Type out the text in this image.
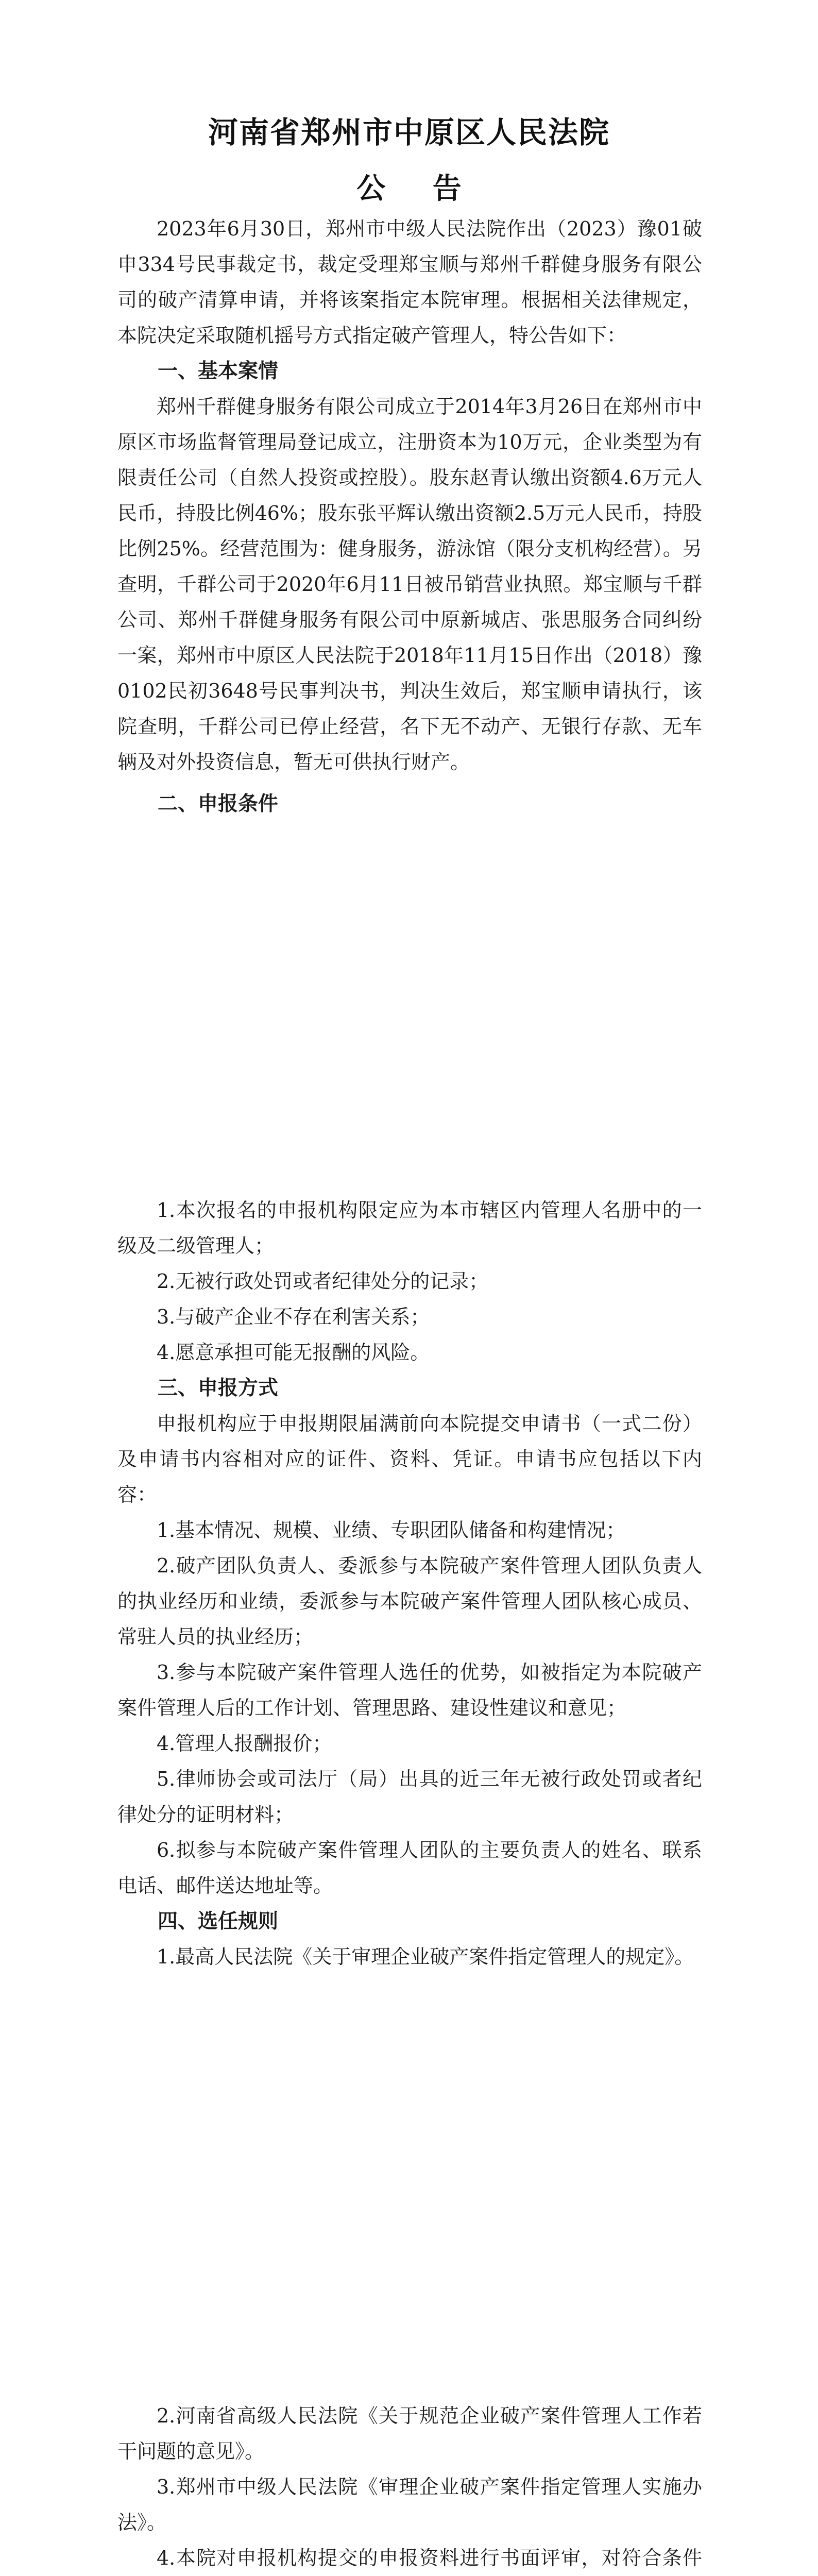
河南省郑州市中原区人民法院
公 告

2023年6月30日，郑州市中级人民法院作出（2023）豫01破申334号民事裁定书，裁定受理郑宝顺与郑州千群健身服务有限公司的破产清算申请，并将该案指定本院审理。根据相关法律规定，本院决定采取随机摇号方式指定破产管理人，特公告如下：

一、基本案情

郑州千群健身服务有限公司成立于2014年3月26日在郑州市中原区市场监督管理局登记成立，注册资本为10万元，企业类型为有限责任公司（自然人投资或控股）。股东赵青认缴出资额4.6万元人民币，持股比例46%；股东张平辉认缴出资额2.5万元人民币，持股比例25%。经营范围为：健身服务，游泳馆（限分支机构经营）。另查明，千群公司于2020年6月11日被吊销营业执照。郑宝顺与千群公司、郑州千群健身服务有限公司中原新城店、张思服务合同纠纷一案，郑州市中原区人民法院于2018年11月15日作出（2018）豫0102民初3648号民事判决书，判决生效后，郑宝顺申请执行，该院查明，千群公司已停止经营，名下无不动产、无银行存款、无车辆及对外投资信息，暂无可供执行财产。

二、申报条件

1.本次报名的申报机构限定应为本市辖区内管理人名册中的一级及二级管理人；

2.无被行政处罚或者纪律处分的记录；

3.与破产企业不存在利害关系；

4.愿意承担可能无报酬的风险。

三、申报方式

申报机构应于申报期限届满前向本院提交申请书（一式二份）及申请书内容相对应的证件、资料、凭证。申请书应包括以下内容：

1.基本情况、规模、业绩、专职团队储备和构建情况；

2.破产团队负责人、委派参与本院破产案件管理人团队负责人的执业经历和业绩，委派参与本院破产案件管理人团队核心成员、常驻人员的执业经历；

3.参与本院破产案件管理人选任的优势，如被指定为本院破产案件管理人后的工作计划、管理思路、建设性建议和意见；

4.管理人报酬报价；

5.律师协会或司法厅（局）出具的近三年无被行政处罚或者纪律处分的证明材料；

6.拟参与本院破产案件管理人团队的主要负责人的姓名、联系电话、邮件送达地址等。

四、选任规则

1.最高人民法院《关于审理企业破产案件指定管理人的规定》。

2.河南省高级人民法院《关于规范企业破产案件管理人工作若干问题的意见》。

3.郑州市中级人民法院《审理企业破产案件指定管理人实施办法》。

4.本院对申报机构提交的申报资料进行书面评审，对符合条件
